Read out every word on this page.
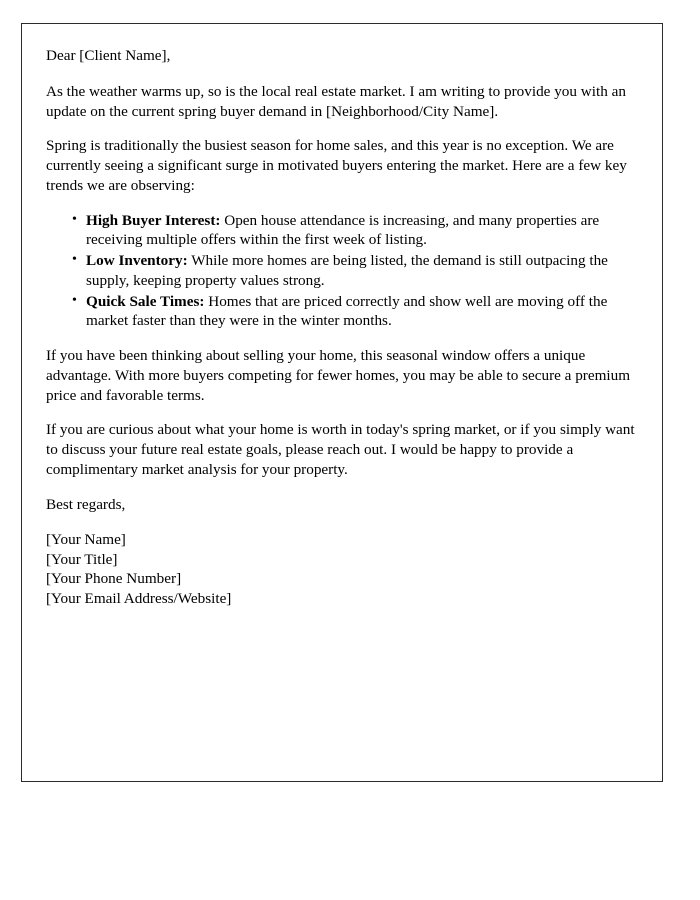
Dear [Client Name],

As the weather warms up, so is the local real estate market. I am writing to provide you with an update on the current spring buyer demand in [Neighborhood/City Name].

Spring is traditionally the busiest season for home sales, and this year is no exception. We are currently seeing a significant surge in motivated buyers entering the market. Here are a few key trends we are observing:

• High Buyer Interest: Open house attendance is increasing, and many properties are receiving multiple offers within the first week of listing.
• Low Inventory: While more homes are being listed, the demand is still outpacing the supply, keeping property values strong.
• Quick Sale Times: Homes that are priced correctly and show well are moving off the market faster than they were in the winter months.

If you have been thinking about selling your home, this seasonal window offers a unique advantage. With more buyers competing for fewer homes, you may be able to secure a premium price and favorable terms.

If you are curious about what your home is worth in today's spring market, or if you simply want to discuss your future real estate goals, please reach out. I would be happy to provide a complimentary market analysis for your property.

Best regards,

[Your Name]
[Your Title]
[Your Phone Number]
[Your Email Address/Website]
